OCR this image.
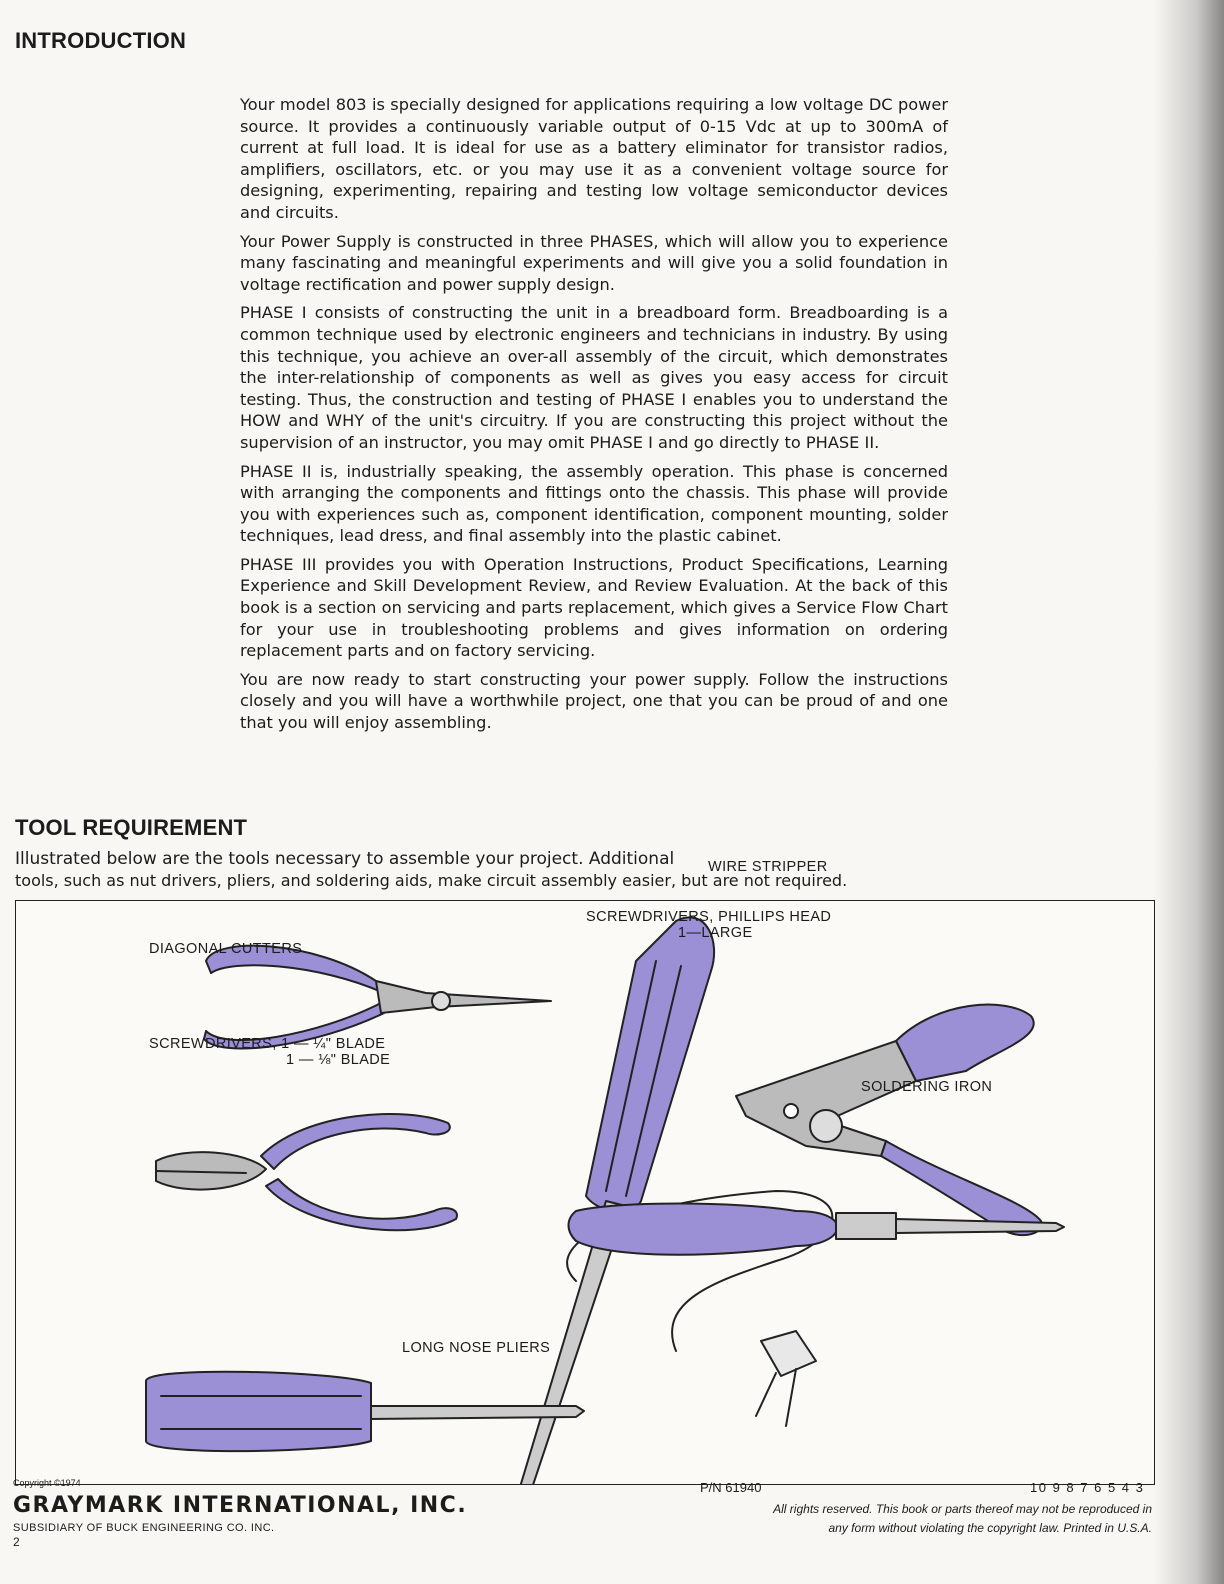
INTRODUCTION

Your model 803 is specially designed for applications requiring a low voltage DC power source. It provides a continuously variable output of 0-15 Vdc at up to 300mA of current at full load. It is ideal for use as a battery eliminator for transistor radios, amplifiers, oscillators, etc. or you may use it as a convenient voltage source for designing, experimenting, repairing and testing low voltage semiconductor devices and circuits.

Your Power Supply is constructed in three PHASES, which will allow you to experience many fascinating and meaningful experiments and will give you a solid foundation in voltage rectification and power supply design.

PHASE I consists of constructing the unit in a breadboard form. Breadboarding is a common technique used by electronic engineers and technicians in industry. By using this technique, you achieve an over-all assembly of the circuit, which demonstrates the inter-relationship of components as well as gives you easy access for circuit testing. Thus, the construction and testing of PHASE I enables you to understand the HOW and WHY of the unit's circuitry. If you are constructing this project without the supervision of an instructor, you may omit PHASE I and go directly to PHASE II.

PHASE II is, industrially speaking, the assembly operation. This phase is concerned with arranging the components and fittings onto the chassis. This phase will provide you with experiences such as, component identification, component mounting, solder techniques, lead dress, and final assembly into the plastic cabinet.

PHASE III provides you with Operation Instructions, Product Specifications, Learning Experience and Skill Development Review, and Review Evaluation. At the back of this book is a section on servicing and parts replacement, which gives a Service Flow Chart for your use in troubleshooting problems and gives information on ordering replacement parts and on factory servicing.

You are now ready to start constructing your power supply. Follow the instructions closely and you will have a worthwhile project, one that you can be proud of and one that you will enjoy assembling.

TOOL REQUIREMENT
Illustrated below are the tools necessary to assemble your project. Additional
tools, such as nut drivers, pliers, and soldering aids, make circuit assembly easier, but are not required.
LONG NOSE PLIERS
WIRE STRIPPER
SCREWDRIVERS, PHILLIPS HEAD
1—LARGE
DIAGONAL CUTTERS
SCREWDRIVERS, 1 — ¼" BLADE
1 — ⅛" BLADE
SOLDERING IRON
Copyright ©1974
GRAYMARK INTERNATIONAL, INC.
SUBSIDIARY OF BUCK ENGINEERING CO. INC.
2
P/N 61940	10 9 8 7 6 5 4 3
All rights reserved. This book or parts thereof may not be reproduced in
any form without violating the copyright law. Printed in U.S.A.
